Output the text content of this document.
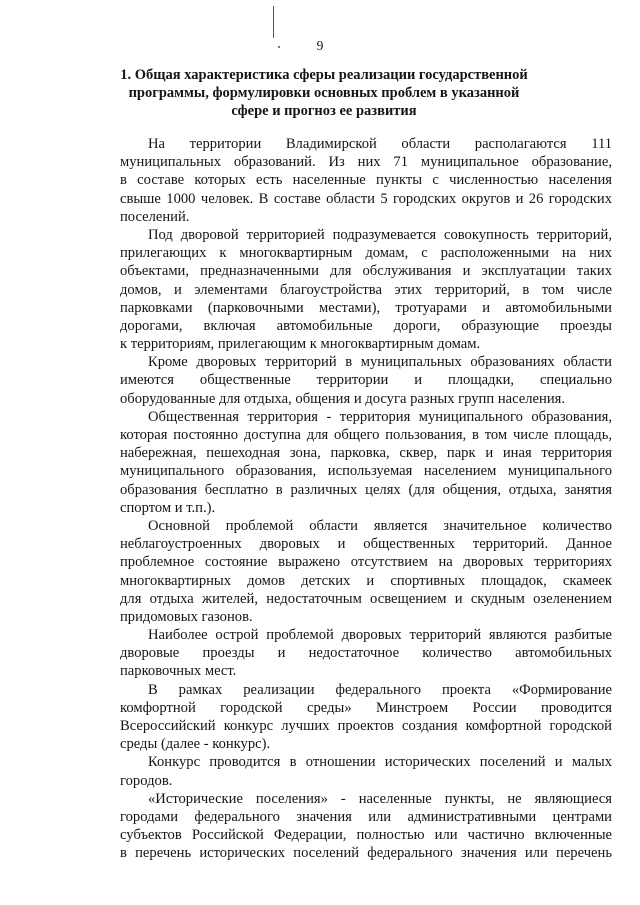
9
1. Общая характеристика сферы реализации государственной
программы, формулировки основных проблем в указанной
сфере и прогноз ее развития

На территории Владимирской области располагаются 111
муниципальных образований. Из них 71 муниципальное образование,
в составе которых есть населенные пункты с численностью населения
свыше 1000 человек. В составе области 5 городских округов и 26 городских
поселений.

Под дворовой территорией подразумевается совокупность территорий,
прилегающих к многоквартирным домам, с расположенными на них
объектами, предназначенными для обслуживания и эксплуатации таких
домов, и элементами благоустройства этих территорий, в том числе
парковками (парковочными местами), тротуарами и автомобильными
дорогами, включая автомобильные дороги, образующие проезды
к территориям, прилегающим к многоквартирным домам.

Кроме дворовых территорий в муниципальных образованиях области
имеются общественные территории и площадки, специально
оборудованные для отдыха, общения и досуга разных групп населения.

Общественная территория - территория муниципального образования,
которая постоянно доступна для общего пользования, в том числе площадь,
набережная, пешеходная зона, парковка, сквер, парк и иная территория
муниципального образования, используемая населением муниципального
образования бесплатно в различных целях (для общения, отдыха, занятия
спортом и т.п.).

Основной проблемой области является значительное количество
неблагоустроенных дворовых и общественных территорий. Данное
проблемное состояние выражено отсутствием на дворовых территориях
многоквартирных домов детских и спортивных площадок, скамеек
для отдыха жителей, недостаточным освещением и скудным озеленением
придомовых газонов.

Наиболее острой проблемой дворовых территорий являются разбитые
дворовые проезды и недостаточное количество автомобильных
парковочных мест.

В рамках реализации федерального проекта «Формирование
комфортной городской среды» Минстроем России проводится
Всероссийский конкурс лучших проектов создания комфортной городской
среды (далее - конкурс).

Конкурс проводится в отношении исторических поселений и малых
городов.

«Исторические поселения» - населенные пункты, не являющиеся
городами федерального значения или административными центрами
субъектов Российской Федерации, полностью или частично включенные
в перечень исторических поселений федерального значения или перечень
